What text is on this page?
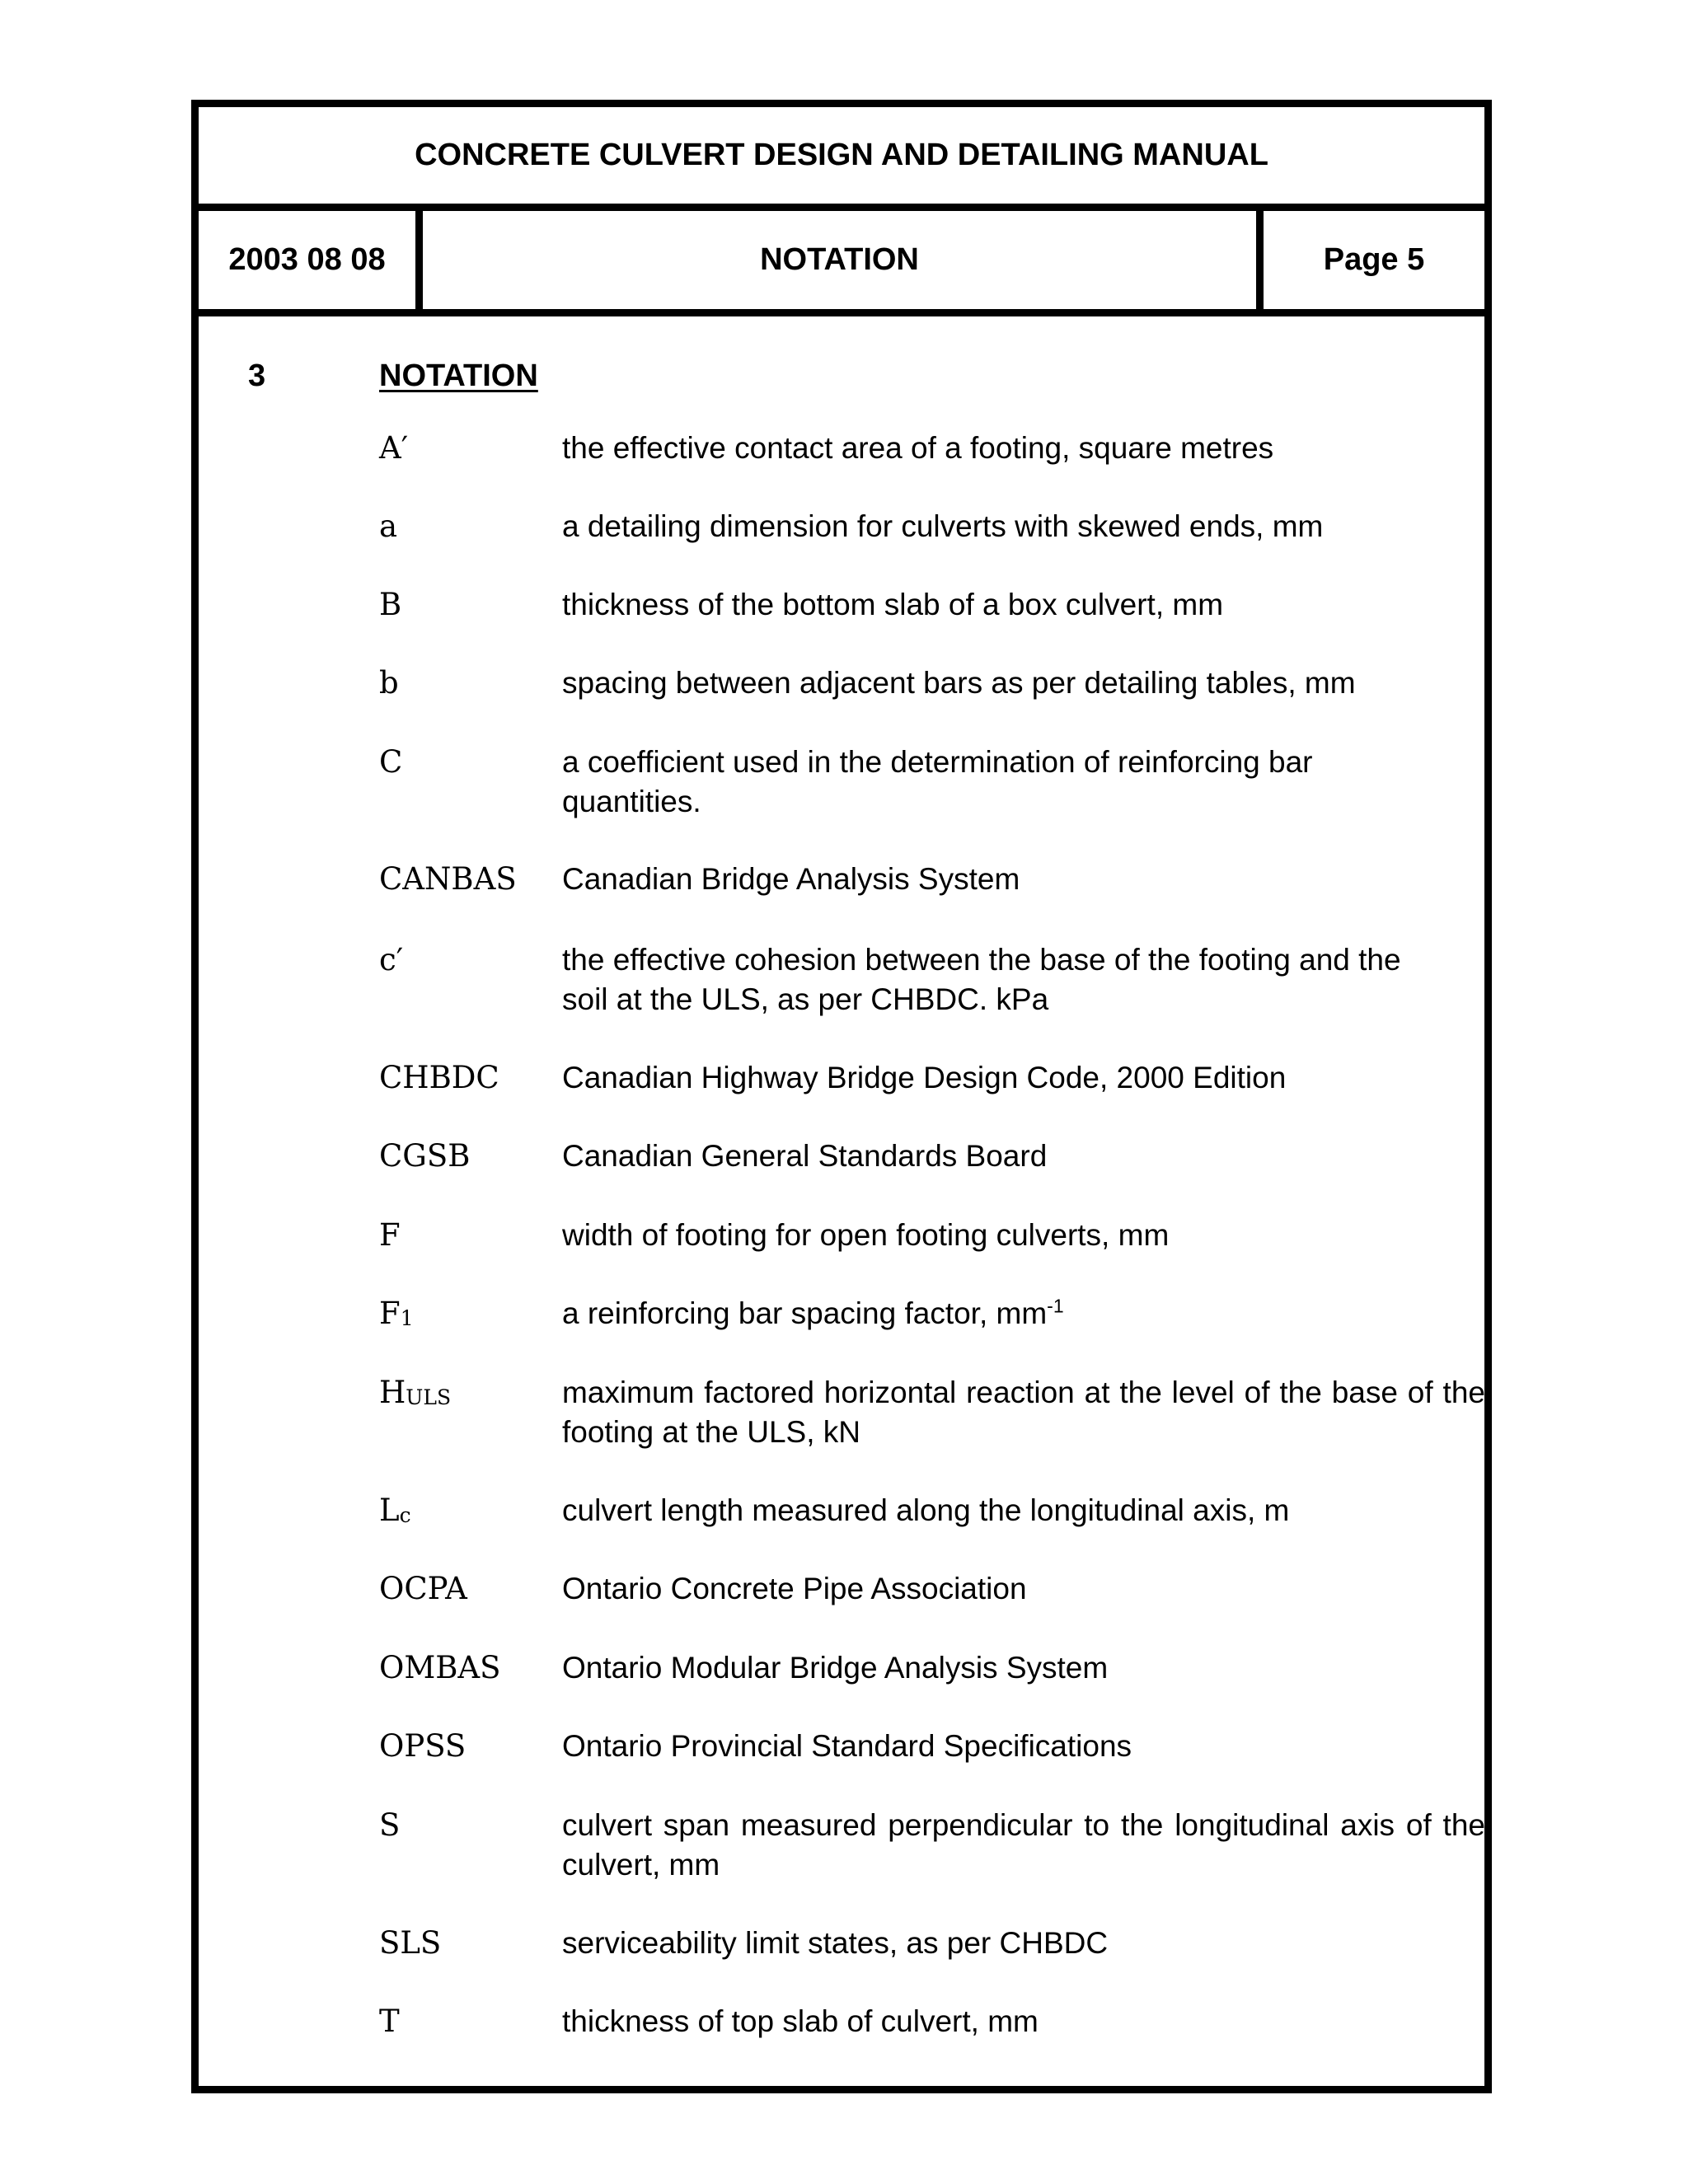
CONCRETE CULVERT DESIGN AND DETAILING MANUAL
2003 08 08	NOTATION	Page 5
3	NOTATION
A′	the effective contact area of a footing, square metres
a	a detailing dimension for culverts with skewed ends, mm
B	thickness of the bottom slab of a box culvert, mm
b	spacing between adjacent bars as per detailing tables, mm
C	a coefficient used in the determination of reinforcing bar quantities.
CANBAS Canadian Bridge Analysis System
c′	the effective cohesion between the base of the footing and the soil at the ULS, as per CHBDC. kPa
CHBDC Canadian Highway Bridge Design Code, 2000 Edition
CGSB	Canadian General Standards Board
F	width of footing for open footing culverts, mm
F1	a reinforcing bar spacing factor, $mm^{-1}$
HULS	maximum factored horizontal reaction at the level of the base of the footing at the ULS, kN
Lc	culvert length measured along the longitudinal axis, m
OCPA	Ontario Concrete Pipe Association
OMBAS Ontario Modular Bridge Analysis System
OPSS	Ontario Provincial Standard Specifications
S	culvert span measured perpendicular to the longitudinal axis of the culvert, mm
SLS	serviceability limit states, as per CHBDC
T	thickness of top slab of culvert, mm
